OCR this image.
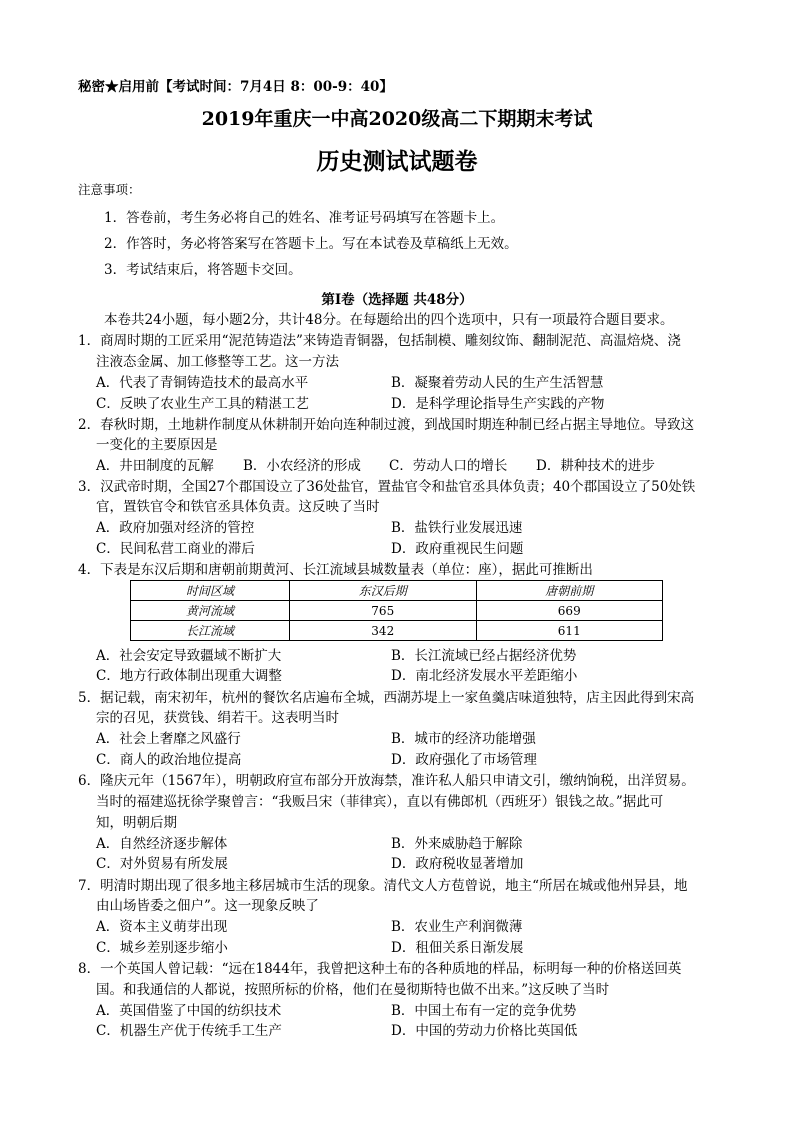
秘密★启用前【考试时间：7月4日 8：00-9：40】
2019年重庆一中高2020级高二下期期末考试
历史测试试题卷
注意事项：
1．答卷前，考生务必将自己的姓名、准考证号码填写在答题卡上。
2．作答时，务必将答案写在答题卡上。写在本试卷及草稿纸上无效。
3．考试结束后，将答题卡交回。
第Ⅰ卷（选择题 共48分）
本卷共24小题，每小题2分，共计48分。在每题给出的四个选项中，只有一项最符合题目要求。
1．商周时期的工匠采用“泥范铸造法”来铸造青铜器，包括制模、雕刻纹饰、翻制泥范、高温焙烧、浇
注液态金属、加工修整等工艺。这一方法
A．代表了青铜铸造技术的最高水平	B．凝聚着劳动人民的生产生活智慧
C．反映了农业生产工具的精湛工艺	D．是科学理论指导生产实践的产物
2．春秋时期，土地耕作制度从休耕制开始向连种制过渡，到战国时期连种制已经占据主导地位。导致这
一变化的主要原因是
A．井田制度的瓦解 B．小农经济的形成 C．劳动人口的增长 D．耕种技术的进步
3．汉武帝时期，全国27个郡国设立了36处盐官，置盐官令和盐官丞具体负责；40个郡国设立了50处铁
官，置铁官令和铁官丞具体负责。这反映了当时
A．政府加强对经济的管控	B．盐铁行业发展迅速
C．民间私营工商业的滞后	D．政府重视民生问题
4．下表是东汉后期和唐朝前期黄河、长江流域县城数量表（单位：座），据此可推断出
时间区域	东汉后期	唐朝前期
黄河流域	765	669
长江流域	342	611
A．社会安定导致疆域不断扩大	B．长江流域已经占据经济优势
C．地方行政体制出现重大调整	D．南北经济发展水平差距缩小
5．据记载，南宋初年，杭州的餐饮名店遍布全城，西湖苏堤上一家鱼羹店味道独特，店主因此得到宋高
宗的召见，获赏钱、绢若干。这表明当时
A．社会上奢靡之风盛行	B．城市的经济功能增强
C．商人的政治地位提高	D．政府强化了市场管理
6．隆庆元年（1567年），明朝政府宣布部分开放海禁，准许私人船只申请文引，缴纳饷税，出洋贸易。
当时的福建巡抚徐学聚曾言：“我贩吕宋（菲律宾），直以有佛郎机（西班牙）银钱之故。”据此可
知，明朝后期
A．自然经济逐步解体	B．外来威胁趋于解除
C．对外贸易有所发展	D．政府税收显著增加
7．明清时期出现了很多地主移居城市生活的现象。清代文人方苞曾说，地主“所居在城或他州异县，地
由山场皆委之佃户”。这一现象反映了
A．资本主义萌芽出现	B．农业生产利润微薄
C．城乡差别逐步缩小	D．租佃关系日渐发展
8．一个英国人曾记载：“远在1844年，我曾把这种土布的各种质地的样品，标明每一种的价格送回英
国。和我通信的人都说，按照所标的价格，他们在曼彻斯特也做不出来。”这反映了当时
A．英国借鉴了中国的纺织技术	B．中国土布有一定的竞争优势
C．机器生产优于传统手工生产	D．中国的劳动力价格比英国低
